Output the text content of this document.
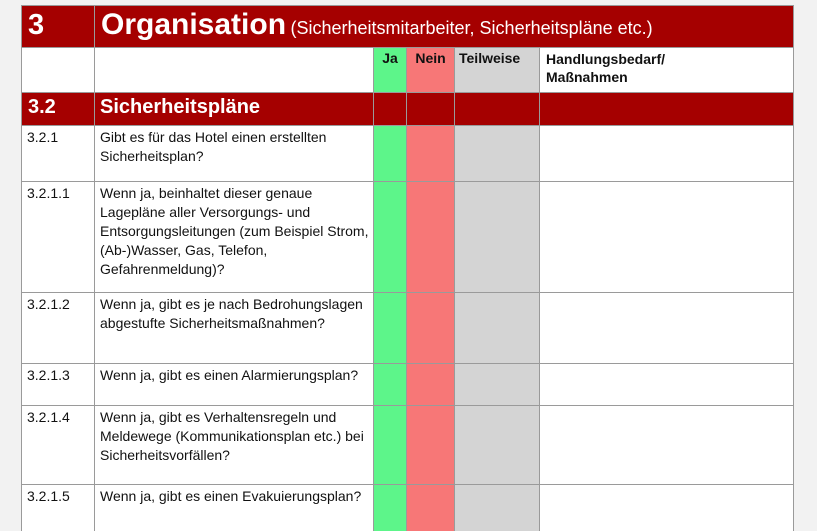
3	Organisation (Sicherheitsmitarbeiter, Sicherheitspläne etc.)				
		Ja	Nein	Teilweise	Handlungsbedarf/
Maßnahmen

3.2	Sicherheitspläne				
3.2.1	Gibt es für das Hotel einen erstellten Sicherheitsplan?				
3.2.1.1	Wenn ja, beinhaltet dieser genaue Lagepläne aller Versorgungs- und Entsorgungsleitungen (zum Beispiel Strom, (Ab-)Wasser, Gas, Telefon, Gefahrenmeldung)?				
3.2.1.2	Wenn ja, gibt es je nach Bedrohungslagen abgestufte Sicherheitsmaßnahmen?				
3.2.1.3	Wenn ja, gibt es einen Alarmierungsplan?				
3.2.1.4	Wenn ja, gibt es Verhaltensregeln und Meldewege (Kommunikationsplan etc.) bei Sicherheitsvorfällen?				
3.2.1.5	Wenn ja, gibt es einen Evakuierungsplan?				
